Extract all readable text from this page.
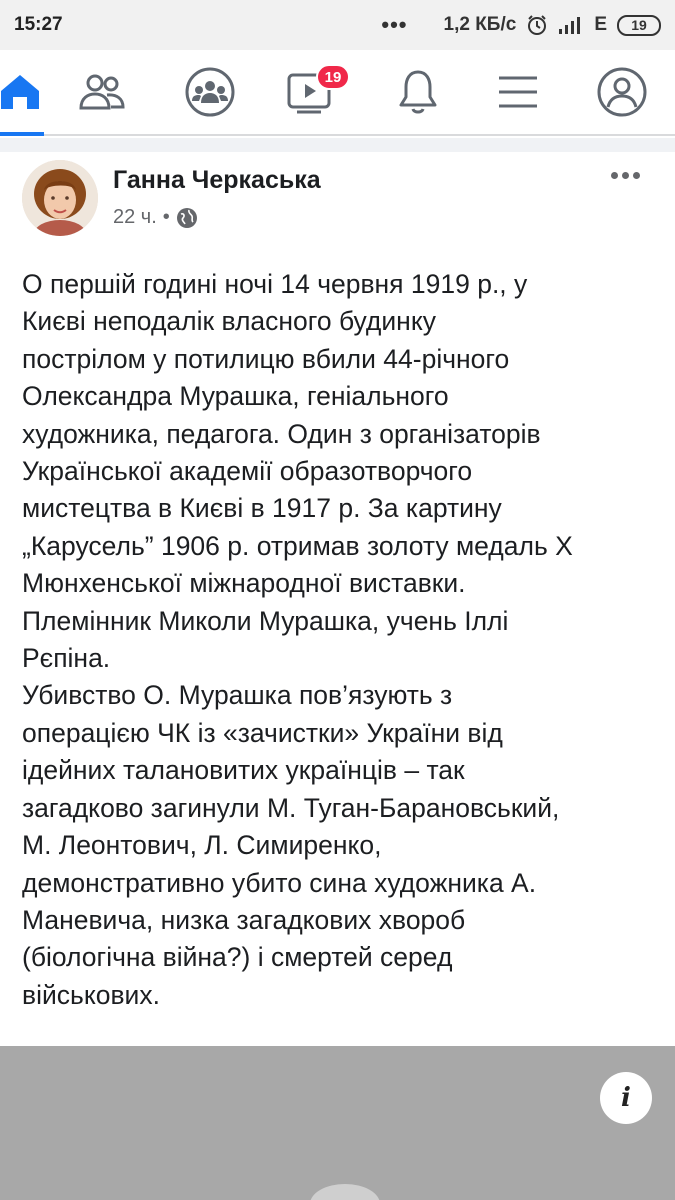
15:27	••• 1,2 КБ/с	E	19
19
Ганна Черкаська
22 ч. •
О першій годині ночі 14 червня 1919 р., у
Києві неподалік власного будинку
пострілом у потилицю вбили 44-річного
Олександра Мурашка, геніального
художника, педагога. Один з організаторів
Української академії образотворчого
мистецтва в Києві в 1917 р. За картину
„Карусель” 1906 р. отримав золоту медаль Х
Мюнхенської міжнародної виставки.
Племінник Миколи Мурашка, учень Іллі
Рєпіна.
Убивство О. Мурашка пов’язують з
операцією ЧК із «зачистки» України від
ідейних талановитих українців – так
загадково загинули М. Туган-Барановський,
М. Леонтович, Л. Симиренко,
демонстративно убито сина художника А.
Маневича, низка загадкових хвороб
(біологічна війна?) і смертей серед
військових.
i
